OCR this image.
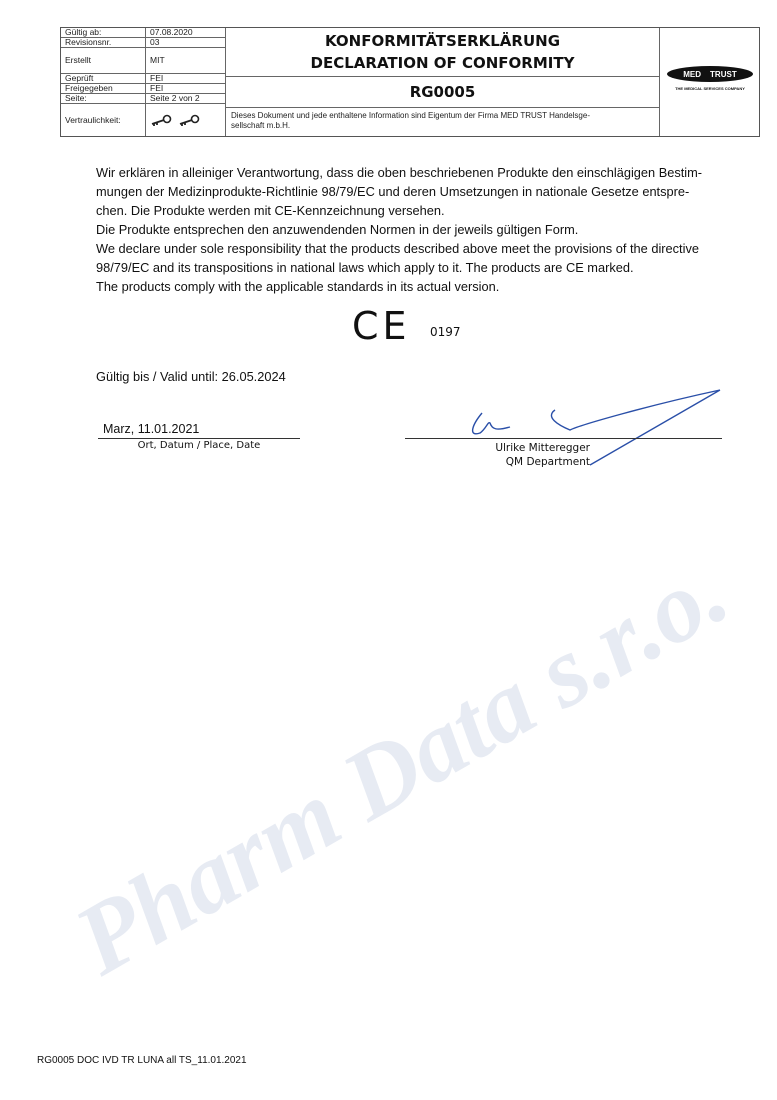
Pharm Data s.r.o.
Gültig ab:	07.08.2020
Revisionsnr.	03
Erstellt	MIT
Geprüft	FEI
Freigegeben	FEI
Seite:	Seite 2 von 2
Vertraulichkeit:
KONFORMITÄTSERKLÄRUNG
DECLARATION OF CONFORMITY
RG0005
Dieses Dokument und jede enthaltene Information sind Eigentum der Firma MED TRUST Handelsge-
sellschaft m.b.H.
MED TRUST
THE MEDICAL SERVICES COMPANY
Wir erklären in alleiniger Verantwortung, dass die oben beschriebenen Produkte den einschlägigen Bestim-
mungen der Medizinprodukte-Richtlinie 98/79/EC und deren Umsetzungen in nationale Gesetze entspre-
chen. Die Produkte werden mit CE-Kennzeichnung versehen.
Die Produkte entsprechen den anzuwendenden Normen in der jeweils gültigen Form.
We declare under sole responsibility that the products described above meet the provisions of the directive
98/79/EC and its transpositions in national laws which apply to it. The products are CE marked.
The products comply with the applicable standards in its actual version.
CE 0197
Gültig bis / Valid until: 26.05.2024
Marz, 11.01.2021
Ort, Datum / Place, Date	Ulrike Mitteregger
QM Department
RG0005 DOC IVD TR LUNA all TS_11.01.2021
